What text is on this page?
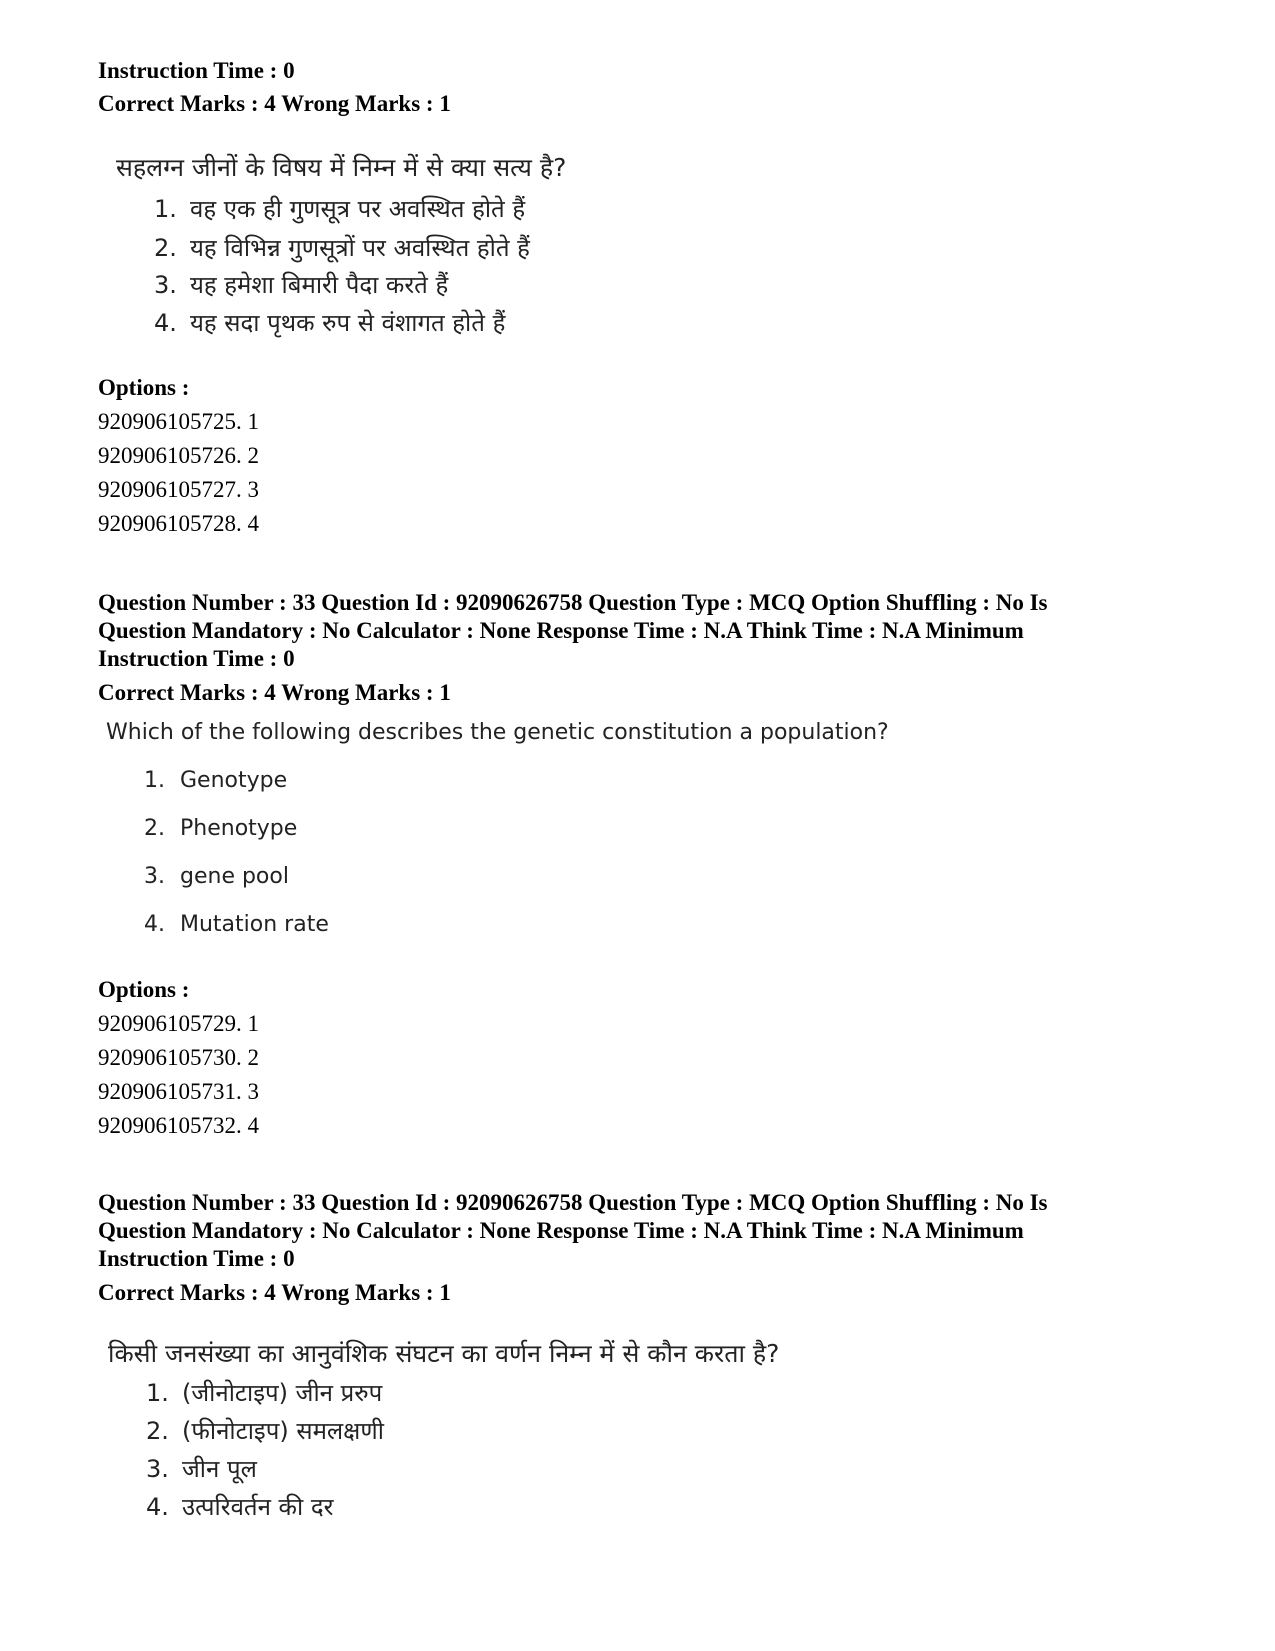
Instruction Time : 0
Correct Marks : 4 Wrong Marks : 1
सहलग्न जीनों के विषय में निम्न में से क्या सत्य है?
1. वह एक ही गुणसूत्र पर अवस्थित होते हैं
2. यह विभिन्न गुणसूत्रों पर अवस्थित होते हैं
3. यह हमेशा बिमारी पैदा करते हैं
4. यह सदा पृथक रुप से वंशागत होते हैं
Options :
920906105725. 1
920906105726. 2
920906105727. 3
920906105728. 4
Question Number : 33 Question Id : 92090626758 Question Type : MCQ Option Shuffling : No Is
Question Mandatory : No Calculator : None Response Time : N.A Think Time : N.A Minimum
Instruction Time : 0
Correct Marks : 4 Wrong Marks : 1
Which of the following describes the genetic constitution a population?
1. Genotype
2. Phenotype
3. gene pool
4. Mutation rate
Options :
920906105729. 1
920906105730. 2
920906105731. 3
920906105732. 4
Question Number : 33 Question Id : 92090626758 Question Type : MCQ Option Shuffling : No Is
Question Mandatory : No Calculator : None Response Time : N.A Think Time : N.A Minimum
Instruction Time : 0
Correct Marks : 4 Wrong Marks : 1
किसी जनसंख्या का आनुवंशिक संघटन का वर्णन निम्न में से कौन करता है?
1. (जीनोटाइप) जीन प्ररुप
2. (फीनोटाइप) समलक्षणी
3. जीन पूल
4. उत्परिवर्तन की दर
